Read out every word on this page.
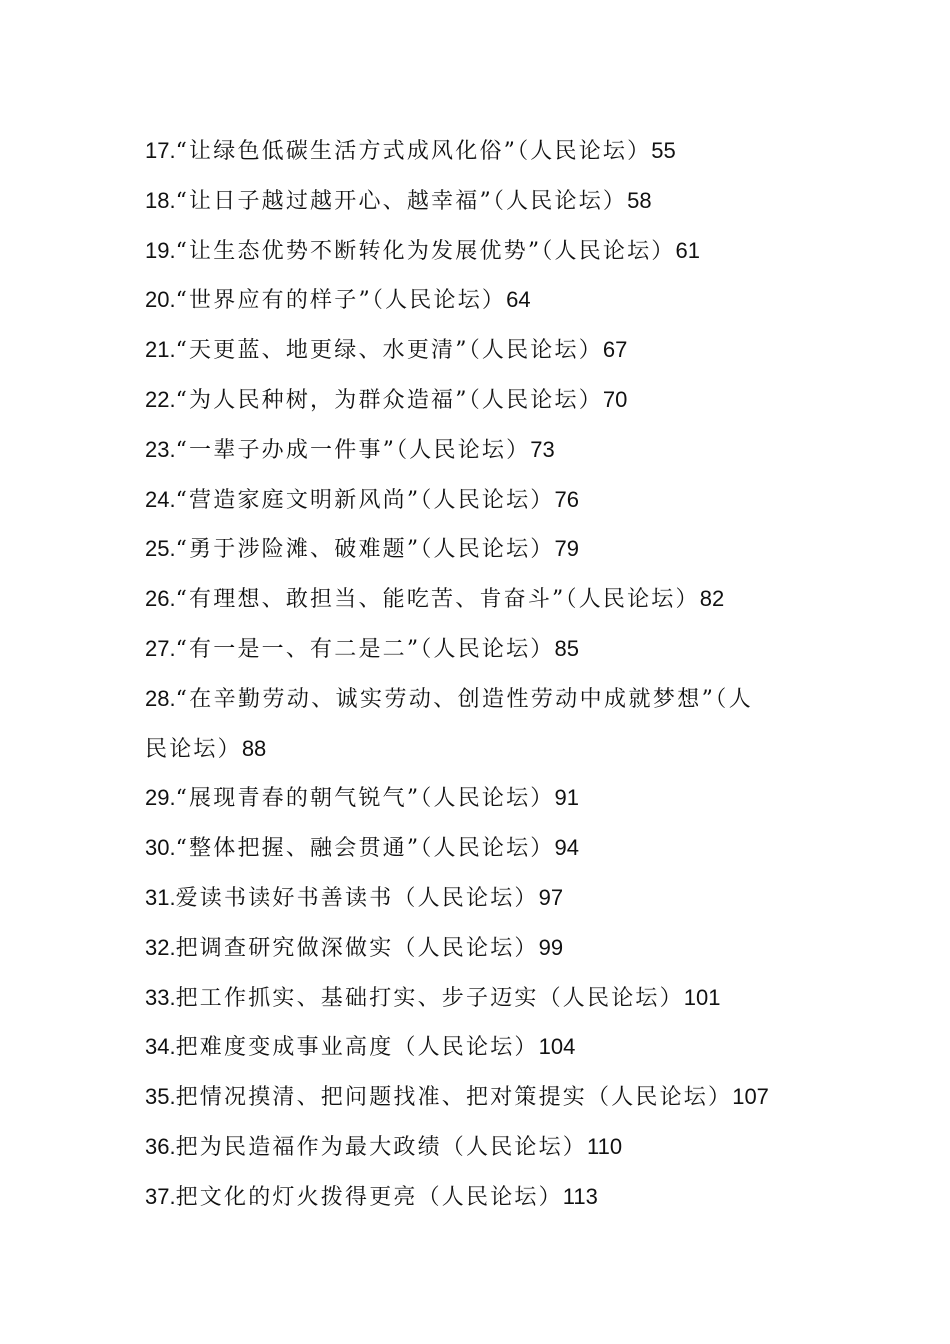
17.“让绿色低碳生活方式成风化俗”（人民论坛）55
18.“让日子越过越开心、越幸福”（人民论坛）58
19.“让生态优势不断转化为发展优势”（人民论坛）61
20.“世界应有的样子”（人民论坛）64
21.“天更蓝、地更绿、水更清”（人民论坛）67
22.“为人民种树，为群众造福”（人民论坛）70
23.“一辈子办成一件事”（人民论坛）73
24.“营造家庭文明新风尚”（人民论坛）76
25.“勇于涉险滩、破难题”（人民论坛）79
26.“有理想、敢担当、能吃苦、肯奋斗”（人民论坛）82
27.“有一是一、有二是二”（人民论坛）85
28.“在辛勤劳动、诚实劳动、创造性劳动中成就梦想”（人
民论坛）88
29.“展现青春的朝气锐气”（人民论坛）91
30.“整体把握、融会贯通”（人民论坛）94
31.爱读书读好书善读书（人民论坛）97
32.把调查研究做深做实（人民论坛）99
33.把工作抓实、基础打实、步子迈实（人民论坛）101
34.把难度变成事业高度（人民论坛）104
35.把情况摸清、把问题找准、把对策提实（人民论坛）107
36.把为民造福作为最大政绩（人民论坛）110
37.把文化的灯火拨得更亮（人民论坛）113
